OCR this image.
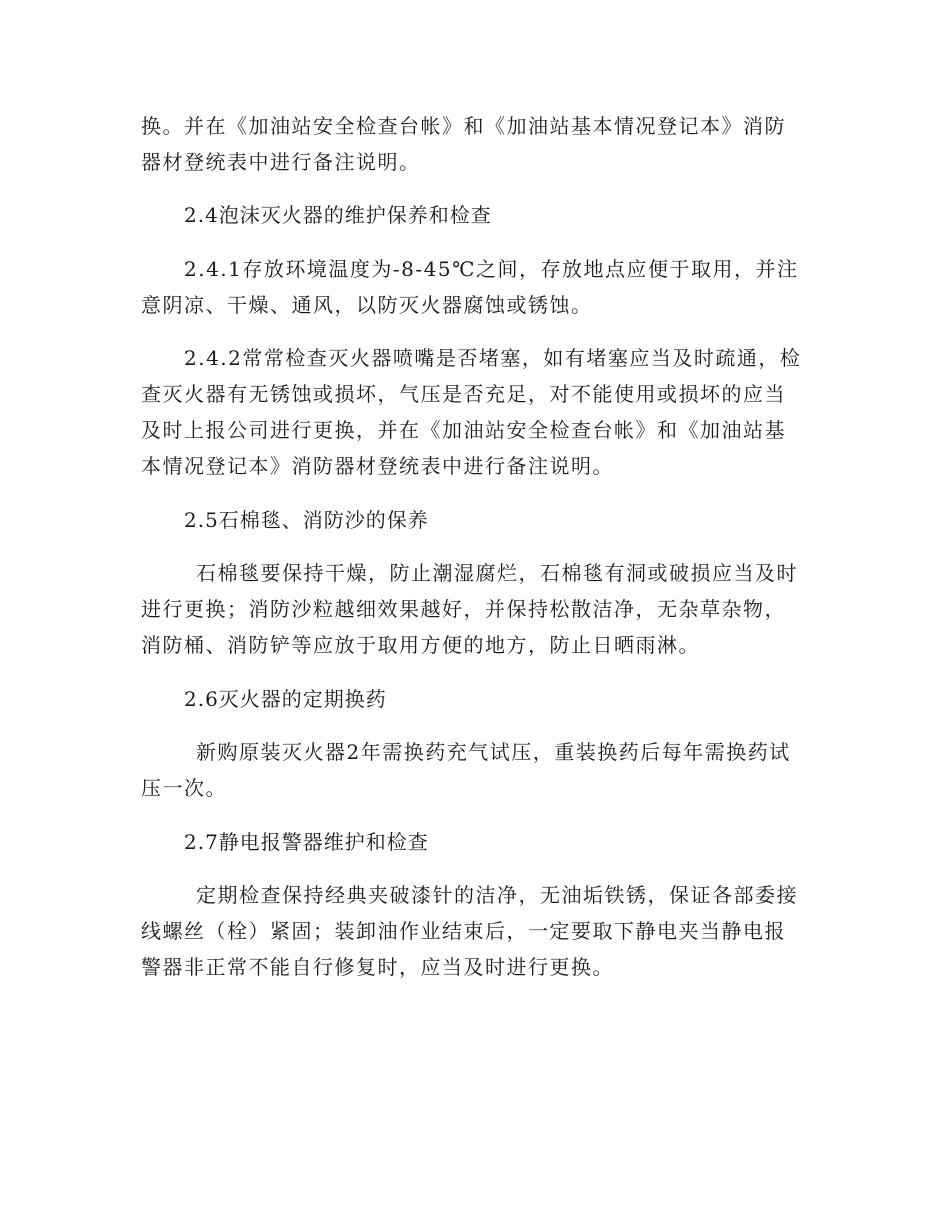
换。并在《加油站安全检查台帐》和《加油站基本情况登记本》消防
器材登统表中进行备注说明。
2.4泡沫灭火器的维护保养和检查
2.4.1存放环境温度为-8-45℃之间，存放地点应便于取用，并注
意阴凉、干燥、通风，以防灭火器腐蚀或锈蚀。
2.4.2常常检查灭火器喷嘴是否堵塞，如有堵塞应当及时疏通，检
查灭火器有无锈蚀或损坏，气压是否充足，对不能使用或损坏的应当
及时上报公司进行更换，并在《加油站安全检查台帐》和《加油站基
本情况登记本》消防器材登统表中进行备注说明。
2.5石棉毯、消防沙的保养
石棉毯要保持干燥，防止潮湿腐烂，石棉毯有洞或破损应当及时
进行更换；消防沙粒越细效果越好，并保持松散洁净，无杂草杂物，
消防桶、消防铲等应放于取用方便的地方，防止日晒雨淋。
2.6灭火器的定期换药
新购原装灭火器2年需换药充气试压，重装换药后每年需换药试
压一次。
2.7静电报警器维护和检查
定期检查保持经典夹破漆针的洁净，无油垢铁锈，保证各部委接
线螺丝（栓）紧固；装卸油作业结束后，一定要取下静电夹当静电报
警器非正常不能自行修复时，应当及时进行更换。
